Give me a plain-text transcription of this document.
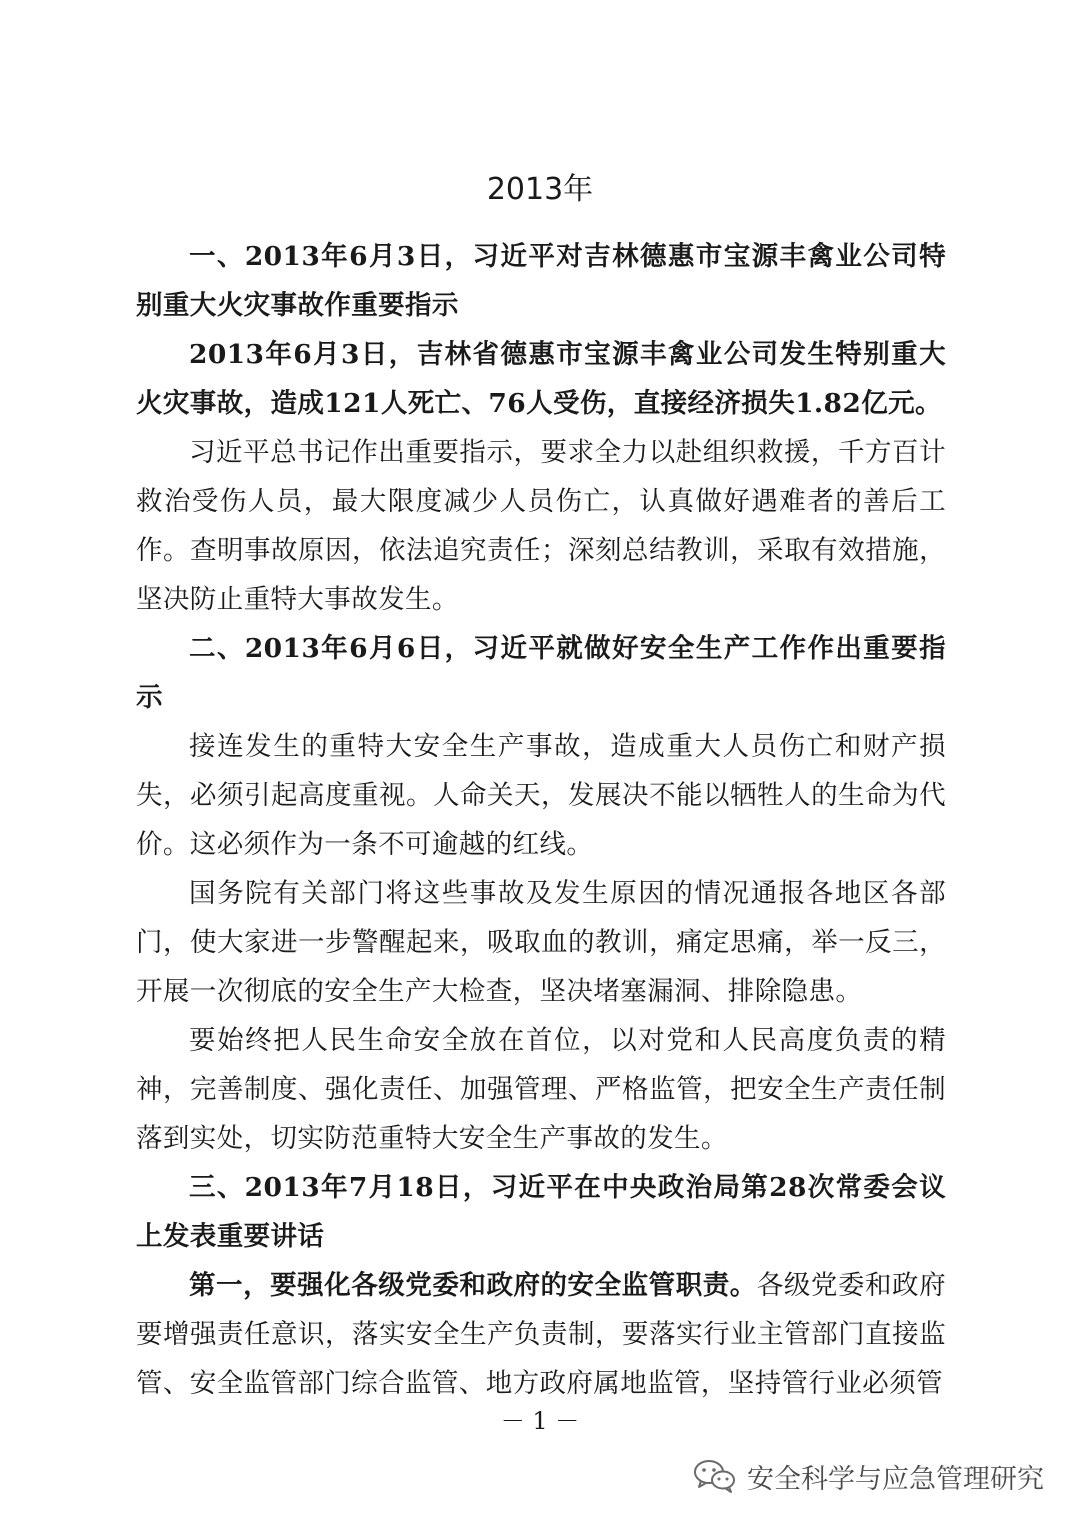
2013年

一、2013年6月3日，习近平对吉林德惠市宝源丰禽业公司特别重大火灾事故作重要指示

2013年6月3日，吉林省德惠市宝源丰禽业公司发生特别重大火灾事故，造成121人死亡、76人受伤，直接经济损失1.82亿元。

习近平总书记作出重要指示，要求全力以赴组织救援，千方百计救治受伤人员，最大限度减少人员伤亡，认真做好遇难者的善后工作。查明事故原因，依法追究责任；深刻总结教训，采取有效措施，坚决防止重特大事故发生。

二、2013年6月6日，习近平就做好安全生产工作作出重要指示

接连发生的重特大安全生产事故，造成重大人员伤亡和财产损失，必须引起高度重视。人命关天，发展决不能以牺牲人的生命为代价。这必须作为一条不可逾越的红线。

国务院有关部门将这些事故及发生原因的情况通报各地区各部门，使大家进一步警醒起来，吸取血的教训，痛定思痛，举一反三，开展一次彻底的安全生产大检查，坚决堵塞漏洞、排除隐患。

要始终把人民生命安全放在首位，以对党和人民高度负责的精神，完善制度、强化责任、加强管理、严格监管，把安全生产责任制落到实处，切实防范重特大安全生产事故的发生。

三、2013年7月18日，习近平在中央政治局第28次常委会议上发表重要讲话

第一，要强化各级党委和政府的安全监管职责。各级党委和政府要增强责任意识，落实安全生产负责制，要落实行业主管部门直接监管、安全监管部门综合监管、地方政府属地监管，坚持管行业必须管

－ 1 －
安全科学与应急管理研究
